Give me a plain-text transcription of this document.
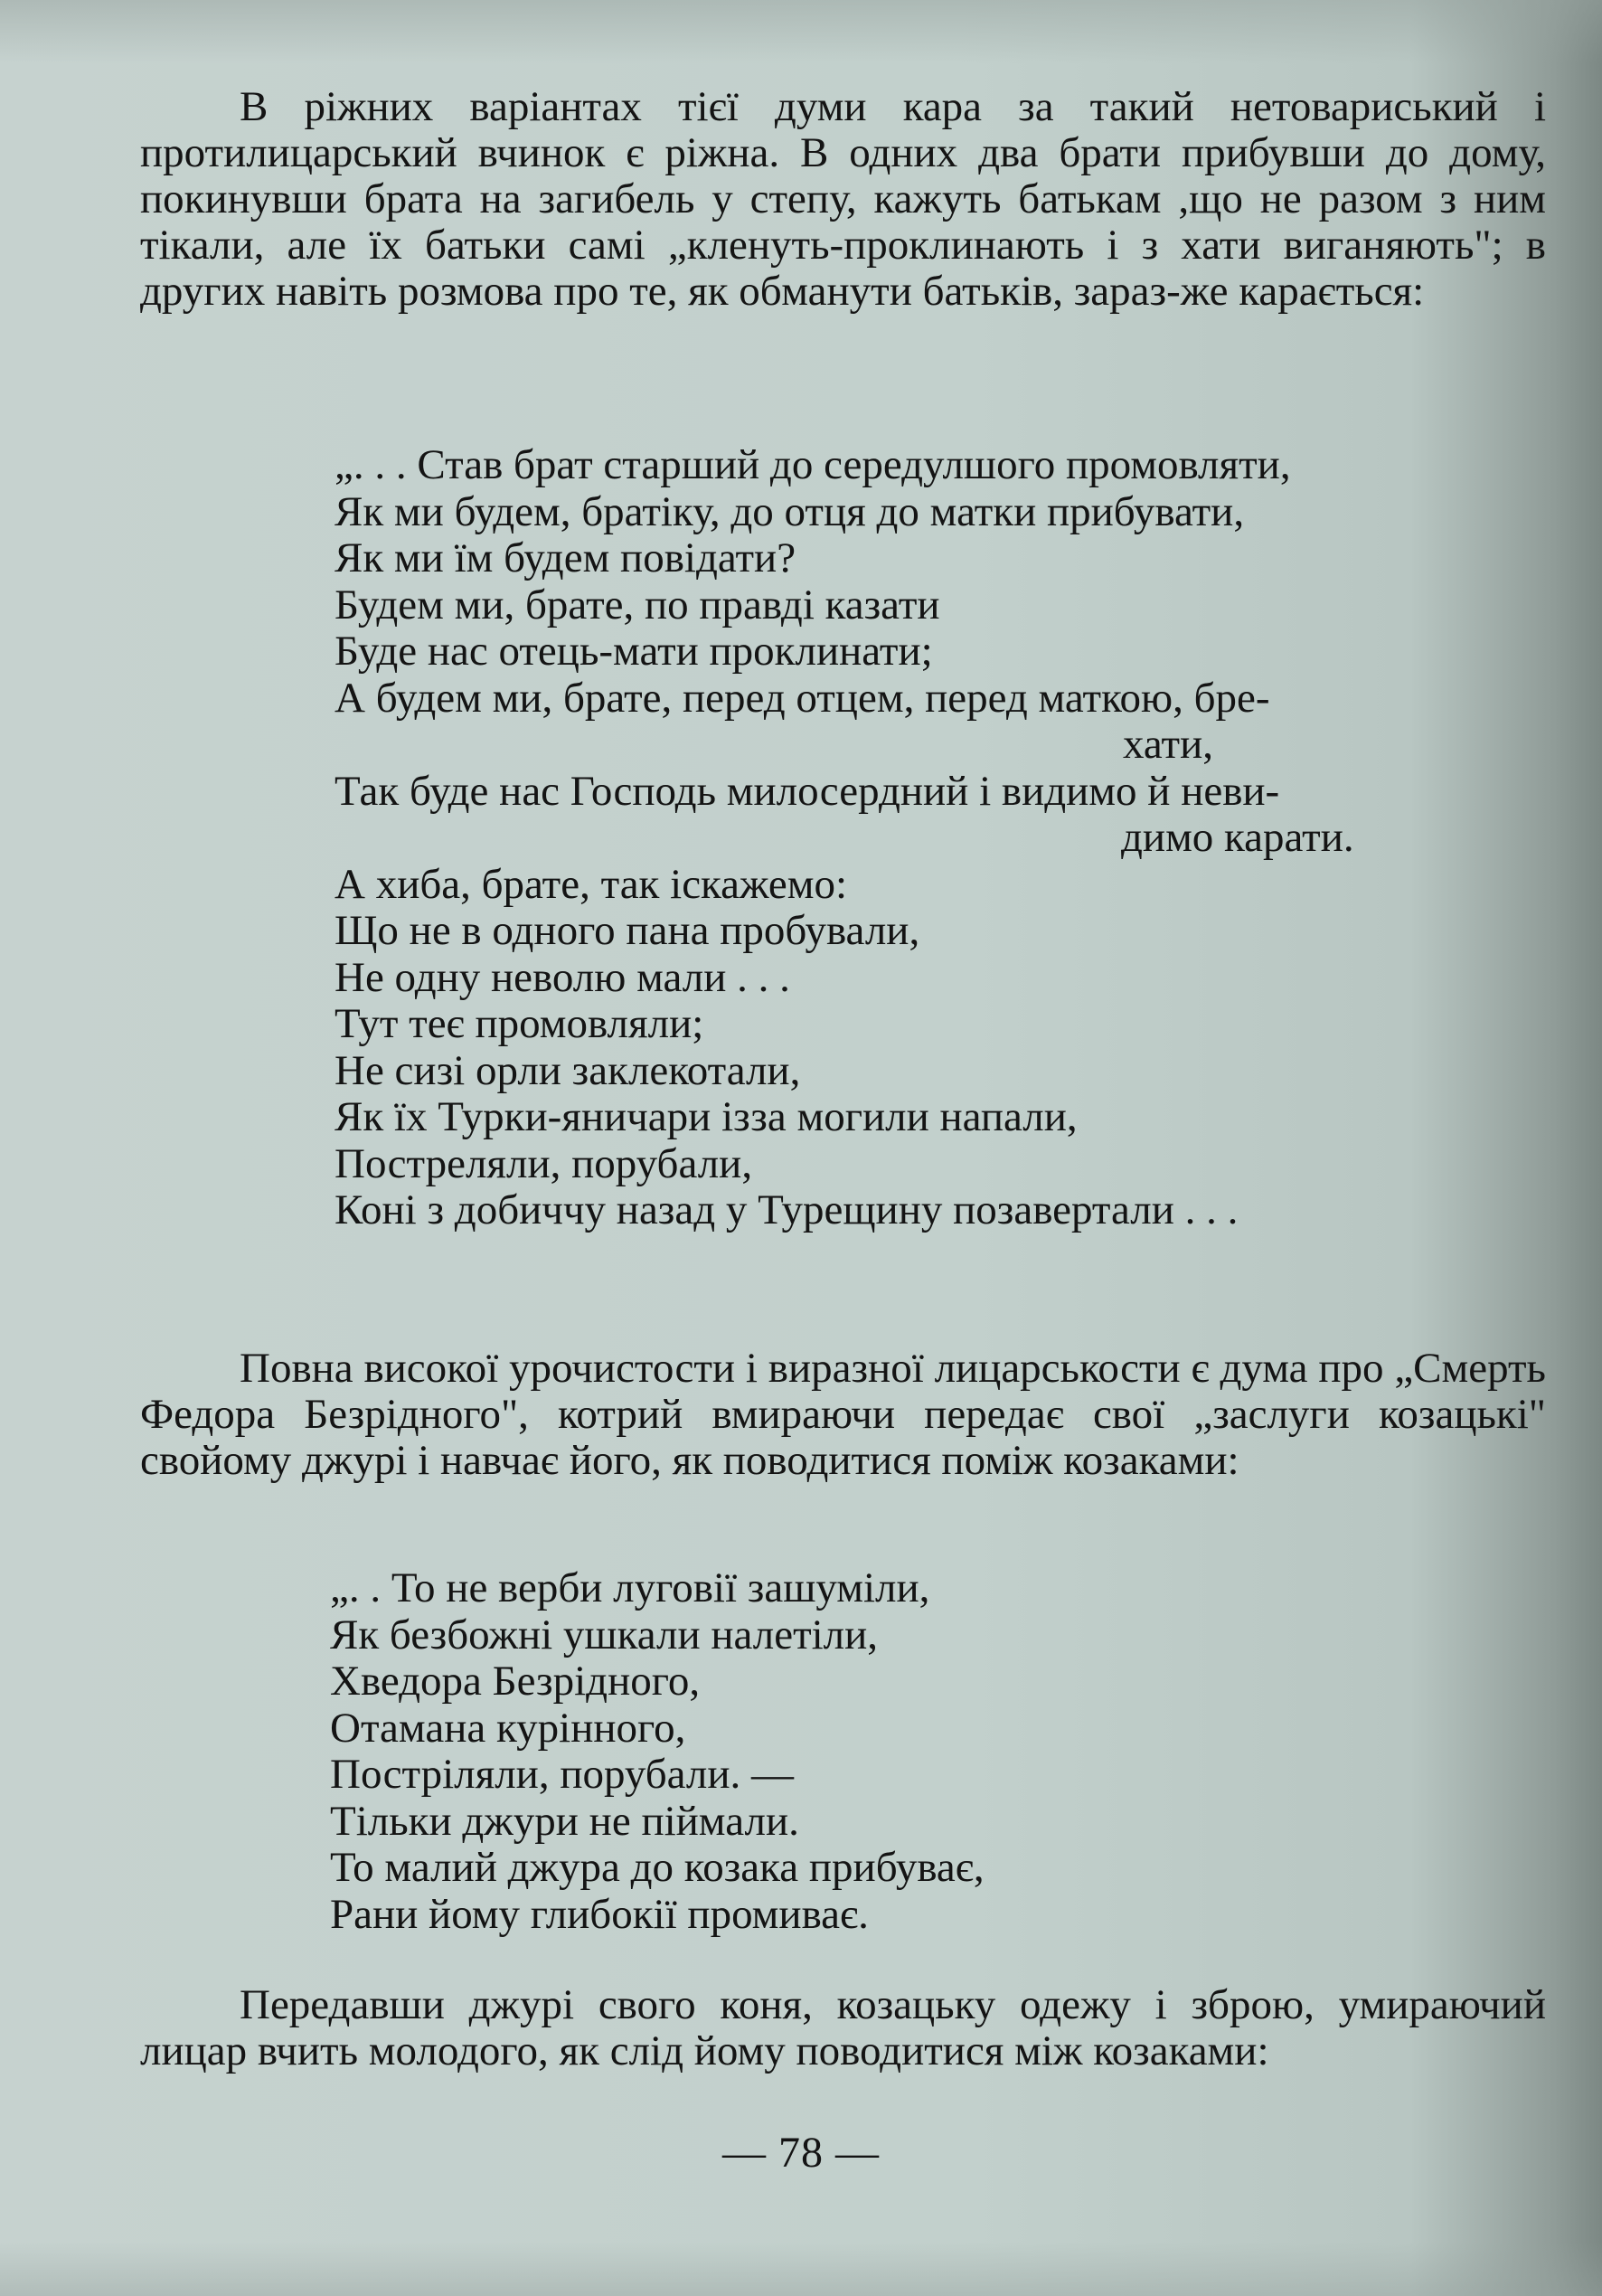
В ріжних варіантах тієї думи кара за такий нетовариський і протилицарський вчинок є ріжна. В одних два брати прибувши до дому, покинувши брата на загибель у степу, кажуть батькам ,що не разом з ним тікали, але їх батьки самі „кленуть-проклинають і з хати виганяють"; в других навіть розмова про те, як обманути батьків, зараз-же карається:

„. . . Став брат старший до середулшого промовляти,
Як ми будем, братіку, до отця до матки прибувати,
Як ми їм будем повідати?
Будем ми, брате, по правді казати
Буде нас отець-мати проклинати;
А будем ми, брате, перед отцем, перед маткою, бре-
хати,
Так буде нас Господь милосердний і видимо й неви-
димо карати.
А хиба, брате, так іскажемо:
Що не в одного пана пробували,
Не одну неволю мали . . .
Тут теє промовляли;
Не сизі орли заклекотали,
Як їх Турки-яничари ізза могили напали,
Постреляли, порубали,
Коні з добиччу назад у Турещину позавертали . . .

Повна високої урочистости і виразної лицарськости є дума про „Смерть Федора Безрідного", котрий вмираючи передає свої „заслуги козацькі" свойому джурі і навчає його, як поводитися поміж козаками:

„. . То не верби луговії зашуміли,
Як безбожні ушкали налетіли,
Хведора Безрідного,
Отамана курінного,
Постріляли, порубали. —
Тільки джури не піймали.
То малий джура до козака прибуває,
Рани йому глибокії промиває.

Передавши джурі свого коня, козацьку одежу і зброю, умираючий лицар вчить молодого, як слід йому поводитися між козаками:

— 78 —
